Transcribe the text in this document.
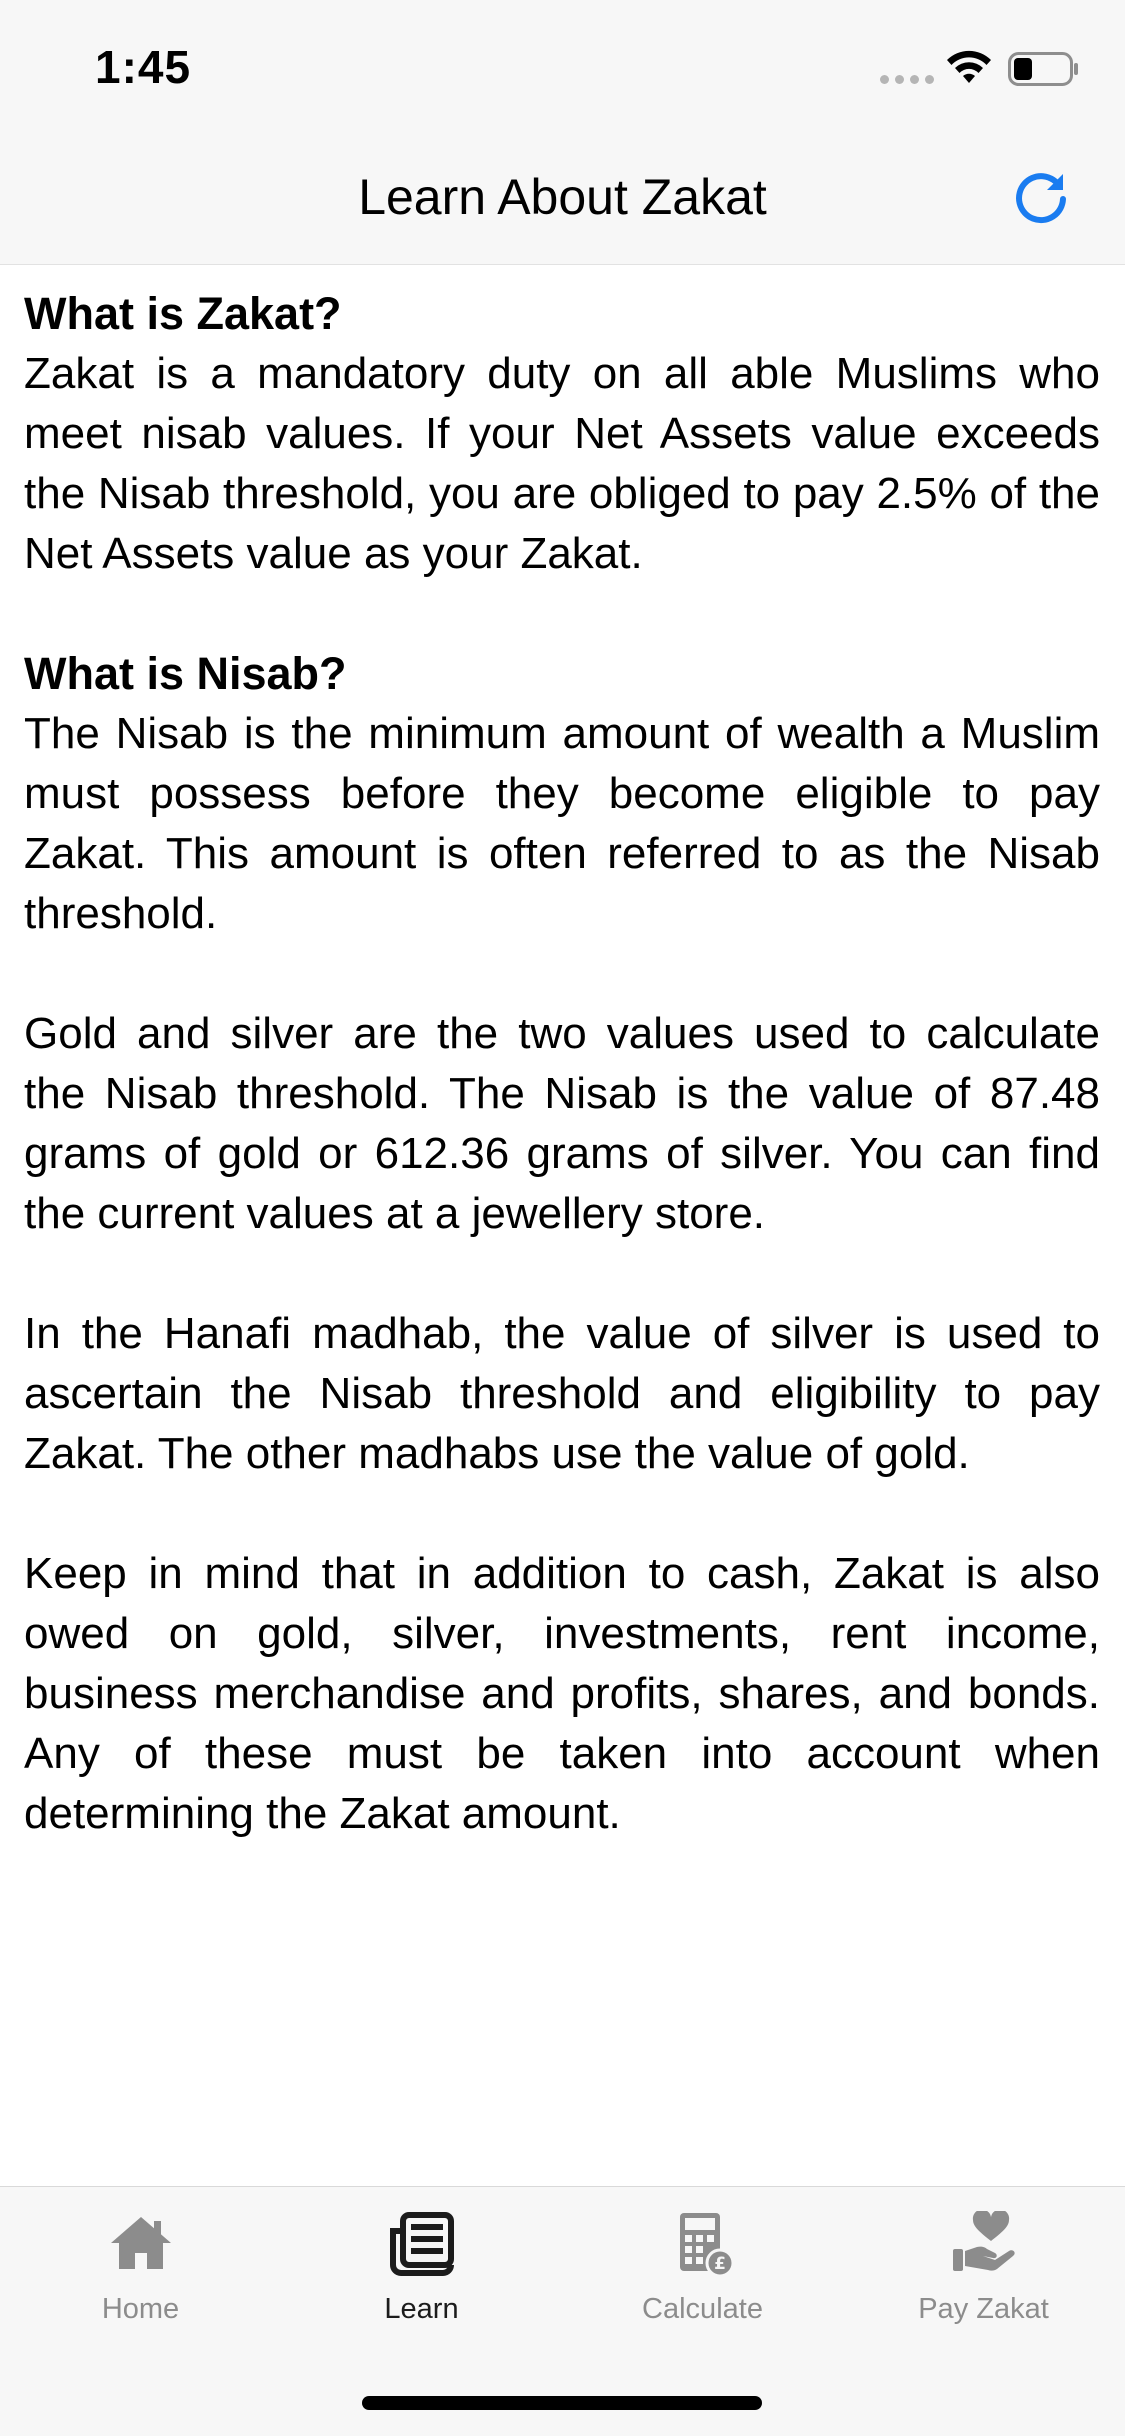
1:45
Learn About Zakat
What is Zakat?

Zakat is a mandatory duty on all able Muslims who meet nisab values. If your Net Assets value exceeds the Nisab threshold, you are obliged to pay 2.5% of the Net Assets value as your Zakat.

What is Nisab?

The Nisab is the minimum amount of wealth a Muslim must possess before they become eligible to pay Zakat. This amount is often referred to as the Nisab threshold.

Gold and silver are the two values used to calculate the Nisab threshold. The Nisab is the value of 87.48 grams of gold or 612.36 grams of silver. You can find the current values at a jewellery store.

In the Hanafi madhab, the value of silver is used to ascertain the Nisab threshold and eligibility to pay Zakat. The other madhabs use the value of gold.

Keep in mind that in addition to cash, Zakat is also owed on gold, silver, investments, rent income, business merchandise and profits, shares, and bonds. Any of these must be taken into account when determining the Zakat amount.

Home	Learn
£
Calculate	Pay Zakat
